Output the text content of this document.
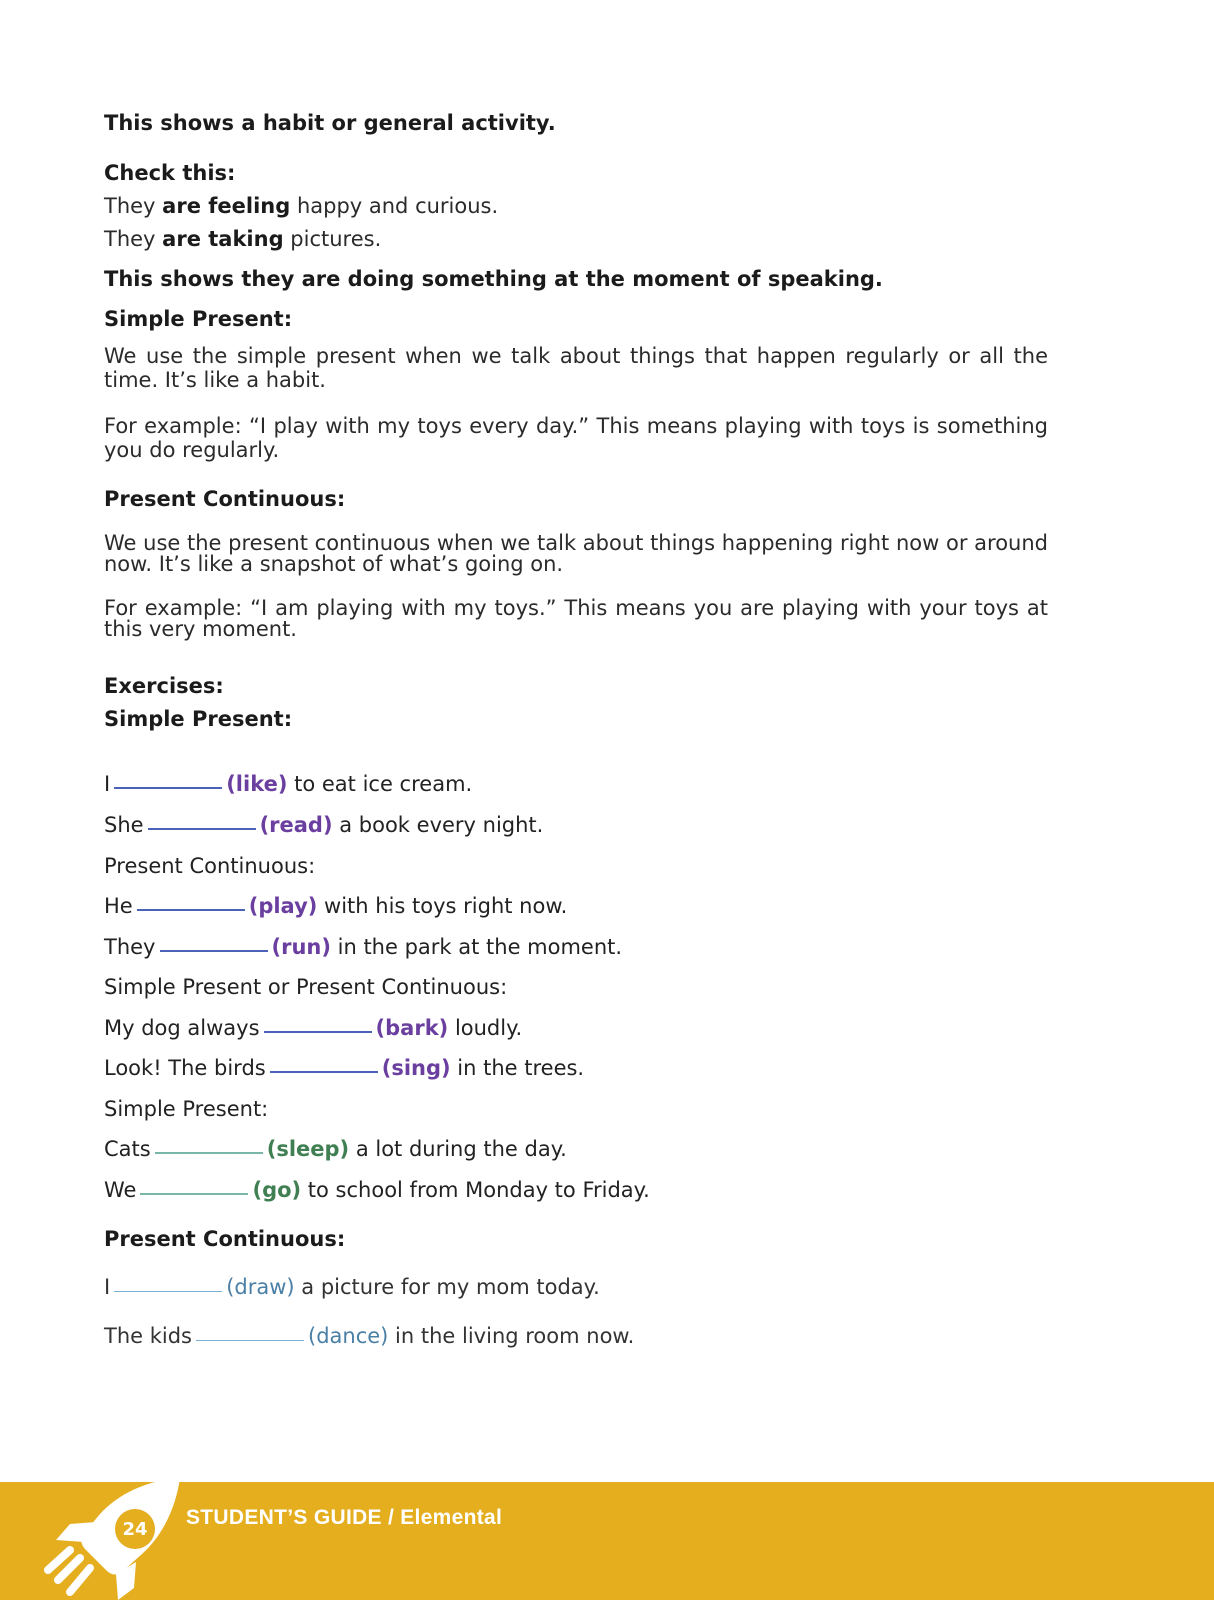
This shows a habit or general activity.
Check this:
They are feeling happy and curious.
They are taking pictures.
This shows they are doing something at the moment of speaking.
Simple Present:
We use the simple present when we talk about things that happen regularly or all the time. It’s like a habit.
For example: “I play with my toys every day.” This means playing with toys is something you do regularly.
Present Continuous:
We use the present continuous when we talk about things happening right now or around now. It’s like a snapshot of what’s going on.
For example: “I am playing with my toys.” This means you are playing with your toys at this very moment.
Exercises:
Simple Present:
I	(like) to eat ice cream.
She	(read) a book every night.
Present Continuous:
He	(play) with his toys right now.
They	(run) in the park at the moment.
Simple Present or Present Continuous:
My dog always	(bark) loudly.
Look! The birds	(sing) in the trees.
Simple Present:
Cats	(sleep) a lot during the day.
We	(go) to school from Monday to Friday.
Present Continuous:
I	(draw) a picture for my mom today.
The kids	(dance) in the living room now.
24	STUDENT’S GUIDE / Elemental
